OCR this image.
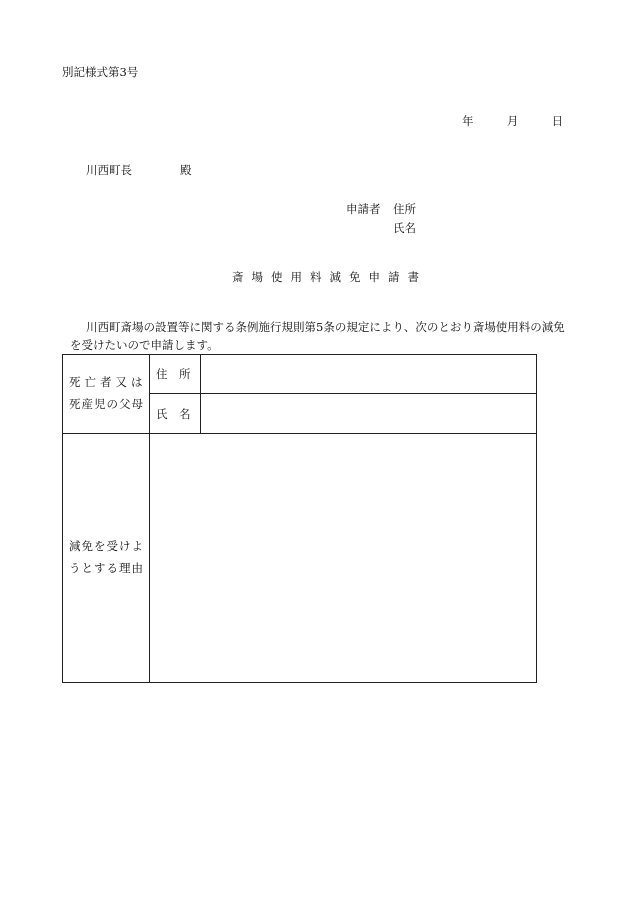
別記様式第3号
年	月	日
川西町長	殿
申請者 住所
氏名
斎場使用料減免申請書
川西町斎場の設置等に関する条例施行規則第5条の規定により、次のとおり斎場使用料の減免
を受けたいので申請します。
死亡者又は
死産児の父母	住　所	
	氏　名	

減免を受けよ
うとする理由		
